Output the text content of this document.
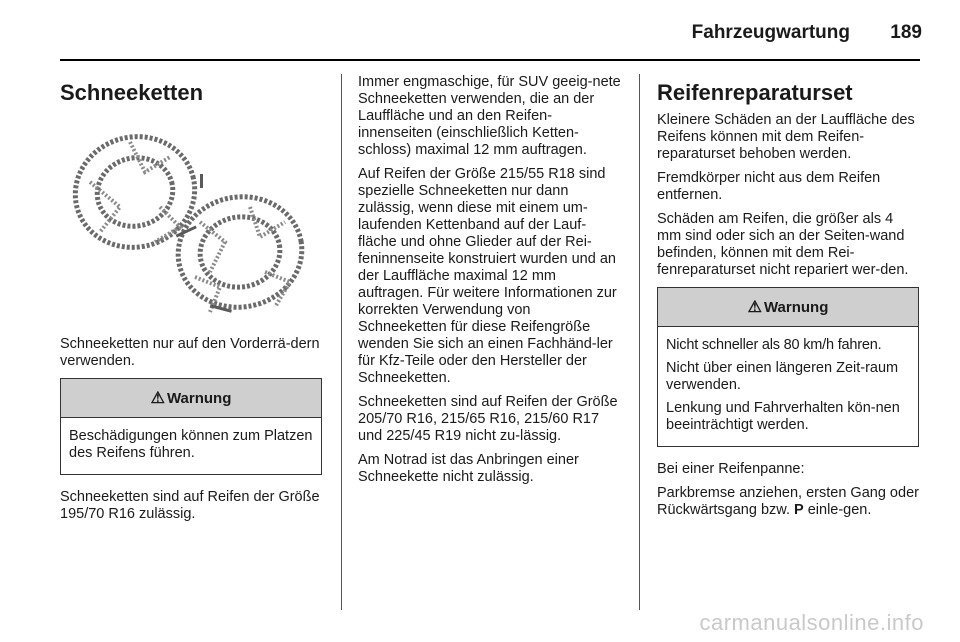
Fahrzeugwartung 189
Schneeketten

Schneeketten nur auf den Vorderrä-dern verwenden.

⚠ Warnung

Beschädigungen können zum Platzen des Reifens führen.

Schneeketten sind auf Reifen der Größe 195/70 R16 zulässig.

Immer engmaschige, für SUV geeig-nete Schneeketten verwenden, die an der Lauffläche und an den Reifen-innenseiten (einschließlich Ketten-schloss) maximal 12 mm auftragen.

Auf Reifen der Größe 215/55 R18 sind spezielle Schneeketten nur dann zulässig, wenn diese mit einem um-laufenden Kettenband auf der Lauf-fläche und ohne Glieder auf der Rei-feninnenseite konstruiert wurden und an der Lauffläche maximal 12 mm auftragen. Für weitere Informationen zur korrekten Verwendung von Schneeketten für diese Reifengröße wenden Sie sich an einen Fachhänd-ler für Kfz-Teile oder den Hersteller der Schneeketten.

Schneeketten sind auf Reifen der Größe 205/70 R16, 215/65 R16, 215/60 R17 und 225/45 R19 nicht zu-lässig.

Am Notrad ist das Anbringen einer Schneekette nicht zulässig.

Reifenreparaturset

Kleinere Schäden an der Lauffläche des Reifens können mit dem Reifen-reparaturset behoben werden.

Fremdkörper nicht aus dem Reifen entfernen.

Schäden am Reifen, die größer als 4 mm sind oder sich an der Seiten-wand befinden, können mit dem Rei-fenreparaturset nicht repariert wer-den.

⚠ Warnung

Nicht schneller als 80 km/h fahren.

Nicht über einen längeren Zeit-raum verwenden.

Lenkung und Fahrverhalten kön-nen beeinträchtigt werden.

Bei einer Reifenpanne:

Parkbremse anziehen, ersten Gang oder Rückwärtsgang bzw. P einle-gen.

carmanualsonline.info
